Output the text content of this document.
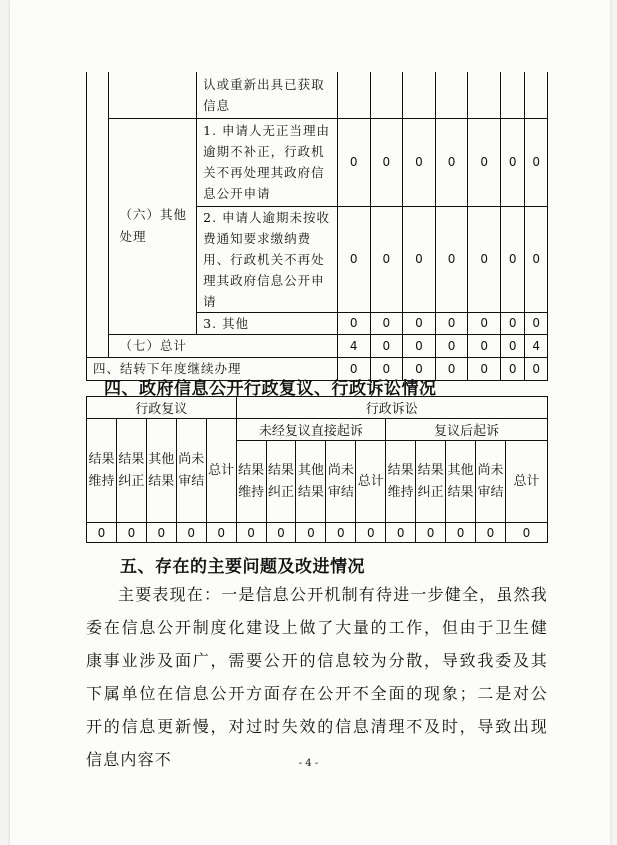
		认或重新出具已获取信息							
	（六）其他处理	1. 申请人无正当理由逾期不补正，行政机关不再处理其政府信息公开申请	0	0	0	0	0	0	0
		2. 申请人逾期未按收费通知要求缴纳费用、行政机关不再处理其政府信息公开申请	0	0	0	0	0	0	0
		3. 其他	0	0	0	0	0	0	0
	（七）总计		4	0	0	0	0	0	4
四、结转下年度继续办理			0	0	0	0	0	0	0
四、政府信息公开行政复议、行政诉讼情况
行政复议					行政诉讼									
结果维持	结果纠正	其他结果	尚未审结	总计	未经复议直接起诉					复议后起诉				
					结果维持	结果纠正	其他结果	尚未审结	总计	结果维持	结果纠正	其他结果	尚未审结	总计
0	0	0	0	0	0	0	0	0	0	0	0	0	0	0
五、存在的主要问题及改进情况
主要表现在：一是信息公开机制有待进一步健全，虽然我委在信息公开制度化建设上做了大量的工作，但由于卫生健康事业涉及面广，需要公开的信息较为分散，导致我委及其下属单位在信息公开方面存在公开不全面的现象；二是对公开的信息更新慢，对过时失效的信息清理不及时，导致出现信息内容不	- 4 -
